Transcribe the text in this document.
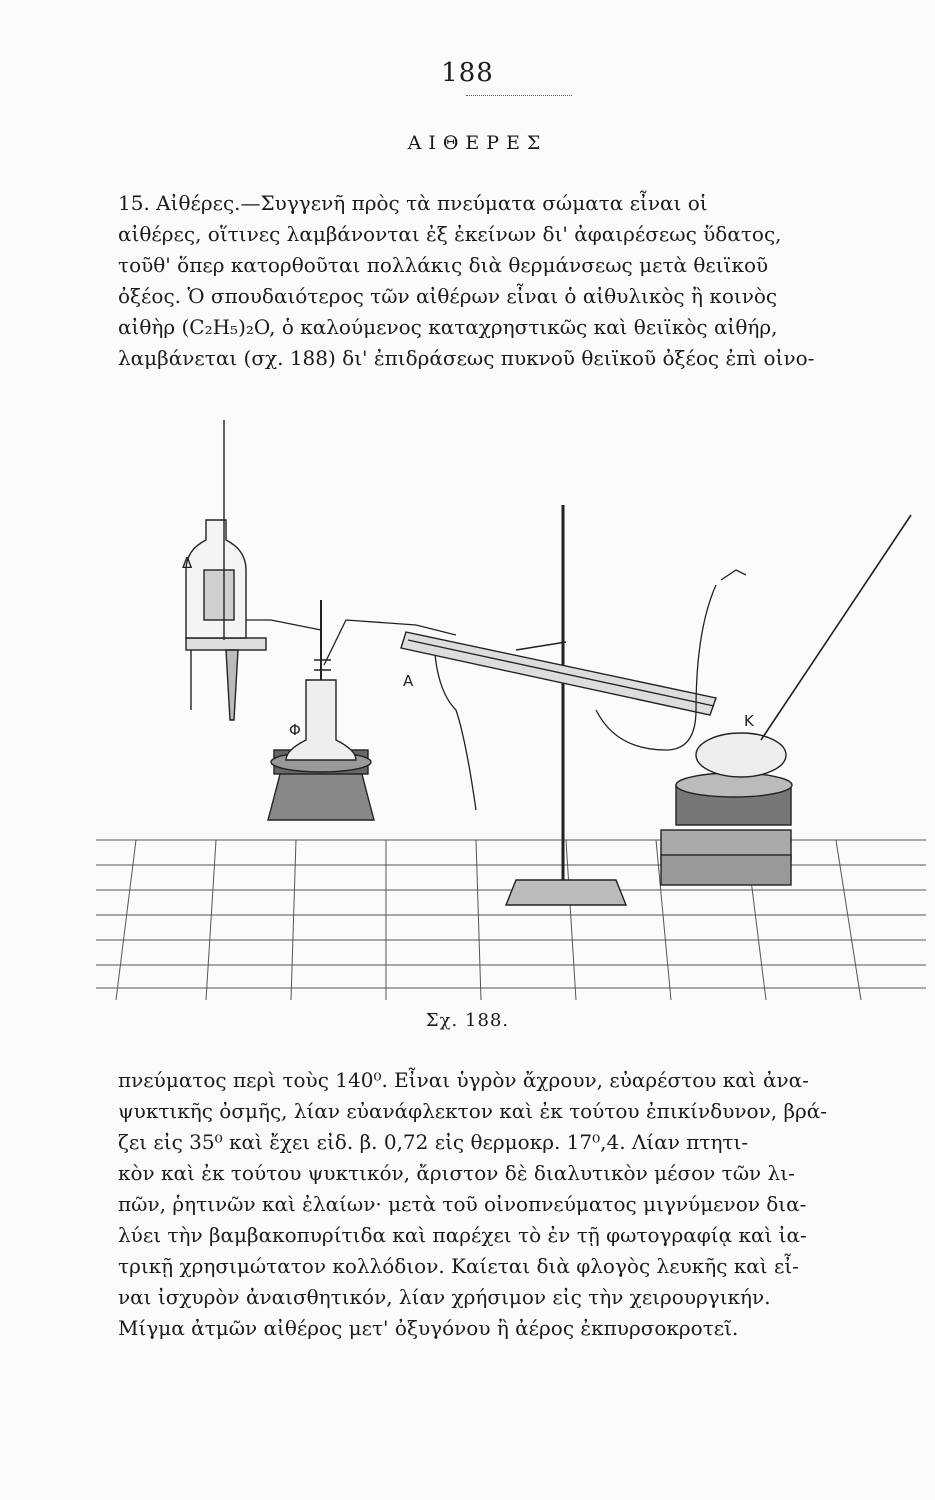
188
ΑΙΘΕΡΕΣ
15. Αἰθέρες.—Συγγενῆ πρὸς τὰ πνεύματα σώματα εἶναι οἱ
αἰθέρες, οἵτινες λαμβάνονται ἐξ ἐκείνων δι' ἀφαιρέσεως ὕδατος,
τοῦθ' ὅπερ κατορθοῦται πολλάκις διὰ θερμάνσεως μετὰ θειϊκοῦ
ὀξέος. Ὁ σπουδαιότερος τῶν αἰθέρων εἶναι ὁ αἰθυλικὸς ἢ κοινὸς
αἰθὴρ (C₂H₅)₂O, ὁ καλούμενος καταχρηστικῶς καὶ θειϊκὸς αἰθήρ,
λαμβάνεται (σχ. 188) δι' ἐπιδράσεως πυκνοῦ θειϊκοῦ ὀξέος ἐπὶ οἰνο-
Δ
Φ
Α
Κ
Σχ. 188.
πνεύματος περὶ τοὺς 140⁰. Εἶναι ὑγρὸν ἄχρουν, εὐαρέστου καὶ ἀνα-
ψυκτικῆς ὀσμῆς, λίαν εὐανάφλεκτον καὶ ἐκ τούτου ἐπικίνδυνον, βρά-
ζει εἰς 35⁰ καὶ ἔχει εἰδ. β. 0,72 εἰς θερμοκρ. 17⁰,4. Λίαν πτητι-
κὸν καὶ ἐκ τούτου ψυκτικόν, ἄριστον δὲ διαλυτικὸν μέσον τῶν λι-
πῶν, ῥητινῶν καὶ ἐλαίων· μετὰ τοῦ οἰνοπνεύματος μιγνύμενον δια-
λύει τὴν βαμβακοπυρίτιδα καὶ παρέχει τὸ ἐν τῇ φωτογραφίᾳ καὶ ἰα-
τρικῇ χρησιμώτατον κολλόδιον. Καίεται διὰ φλογὸς λευκῆς καὶ εἶ-
ναι ἰσχυρὸν ἀναισθητικόν, λίαν χρήσιμον εἰς τὴν χειρουργικήν.
Μίγμα ἀτμῶν αἰθέρος μετ' ὀξυγόνου ἢ ἀέρος ἐκπυρσοκροτεῖ.
